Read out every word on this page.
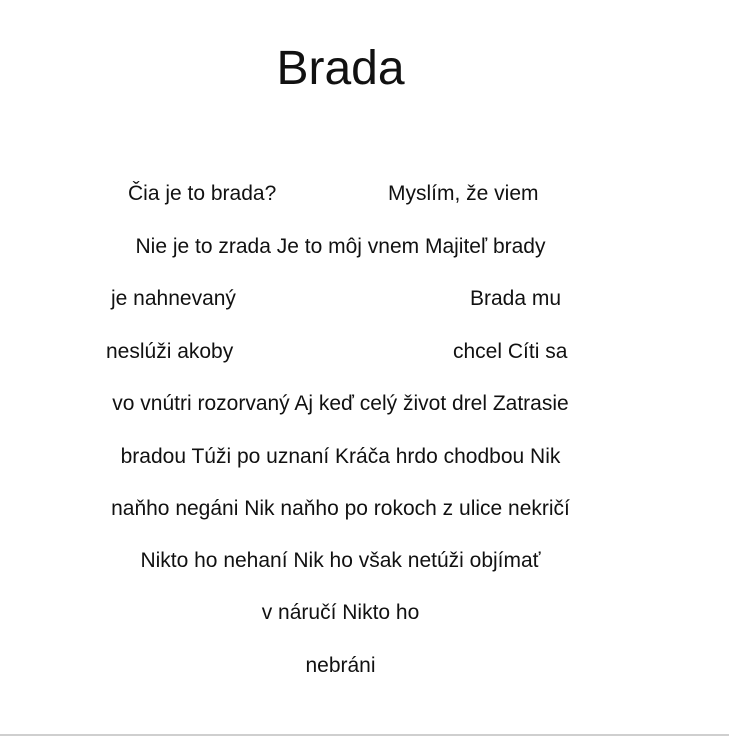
Brada
Čia je to brada?	Myslím, že viem
Nie je to zrada Je to môj vnem Majiteľ brady
je nahnevaný	Brada mu
neslúži akoby	chcel Cíti sa
vo vnútri rozorvaný Aj keď celý život drel Zatrasie
bradou Túži po uznaní Kráča hrdo chodbou Nik
naňho negáni Nik naňho po rokoch z ulice nekričí
Nikto ho nehaní Nik ho však netúži objímať
v náručí Nikto ho
nebráni
